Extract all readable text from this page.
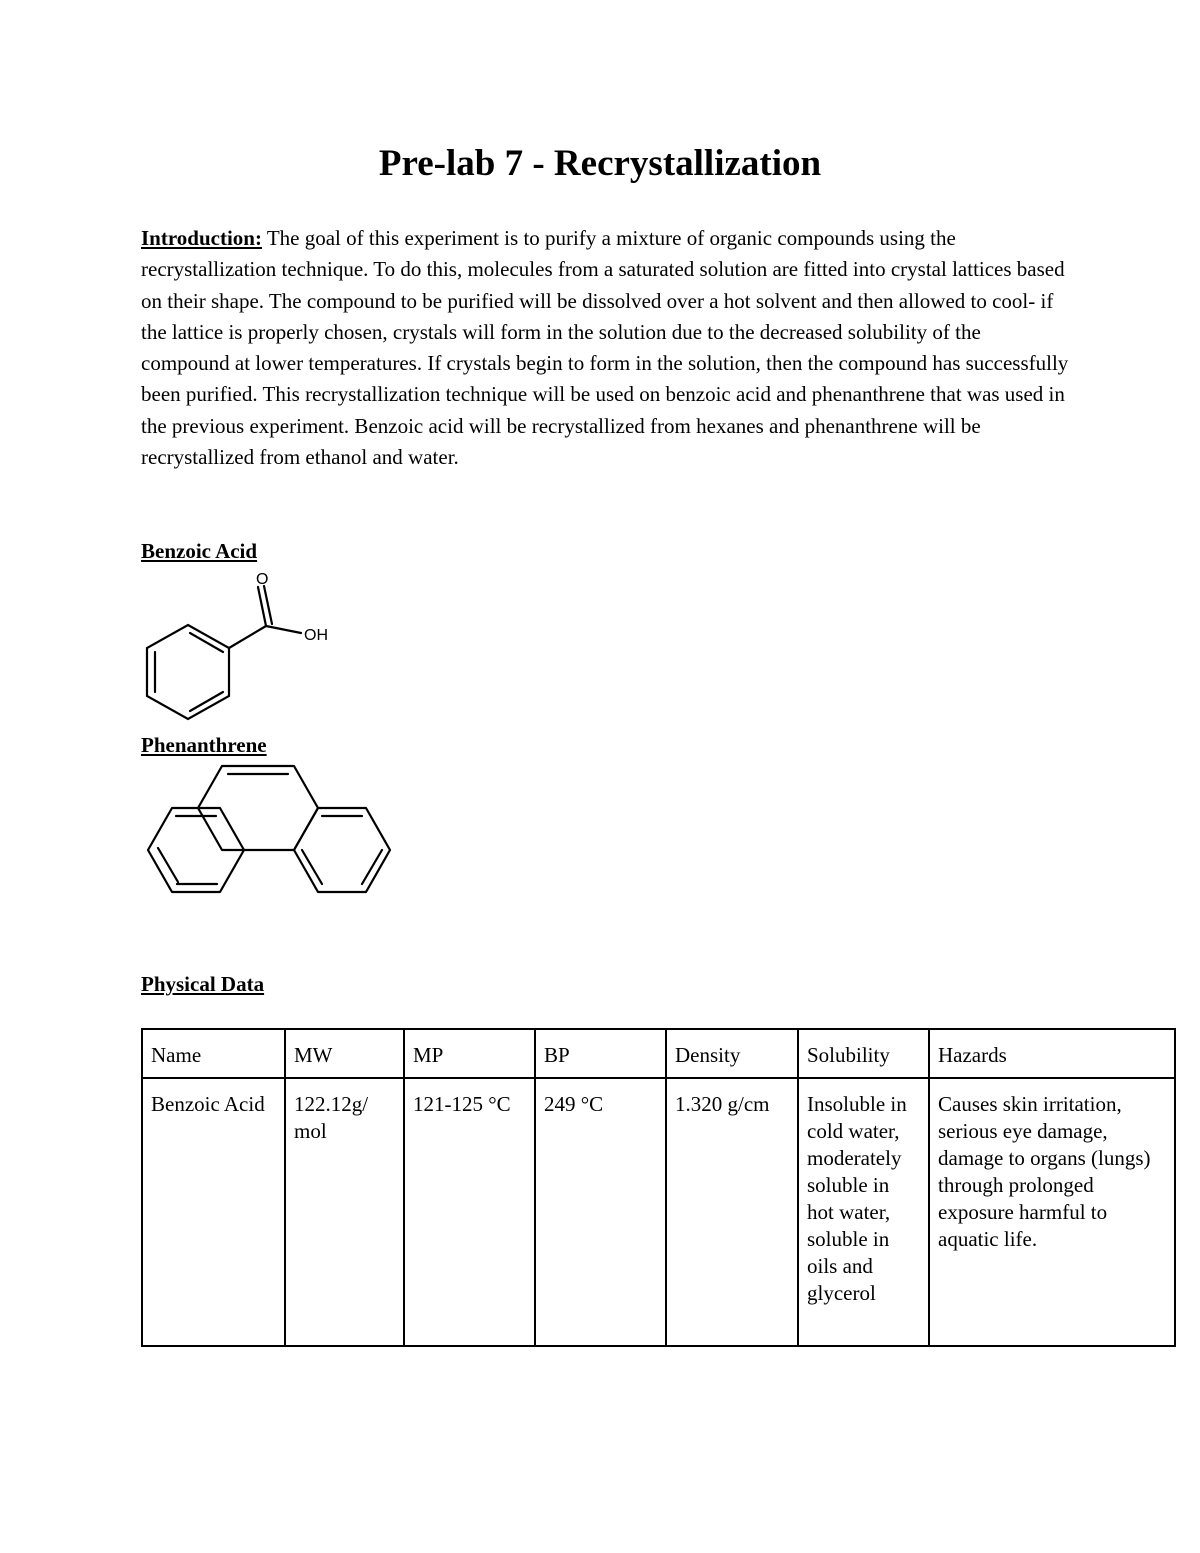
Pre-lab 7 - Recrystallization
Introduction: The goal of this experiment is to purify a mixture of organic compounds using the recrystallization technique. To do this, molecules from a saturated solution are fitted into crystal lattices based on their shape. The compound to be purified will be dissolved over a hot solvent and then allowed to cool- if the lattice is properly chosen, crystals will form in the solution due to the decreased solubility of the compound at lower temperatures. If crystals begin to form in the solution, then the compound has successfully been purified. This recrystallization technique will be used on benzoic acid and phenanthrene that was used in the previous experiment. Benzoic acid will be recrystallized from hexanes and phenanthrene will be recrystallized from ethanol and water.
Benzoic Acid
O
OH
Phenanthrene
Physical Data
Name	MW	MP	BP	Density	Solubility	Hazards
Benzoic Acid	122.12g/ mol	121-125 °C	249 °C	1.320 g/cm	Insoluble in cold water, moderately soluble in hot water, soluble in oils and glycerol	Causes skin irritation, serious eye damage, damage to organs (lungs) through prolonged exposure harmful to aquatic life.
